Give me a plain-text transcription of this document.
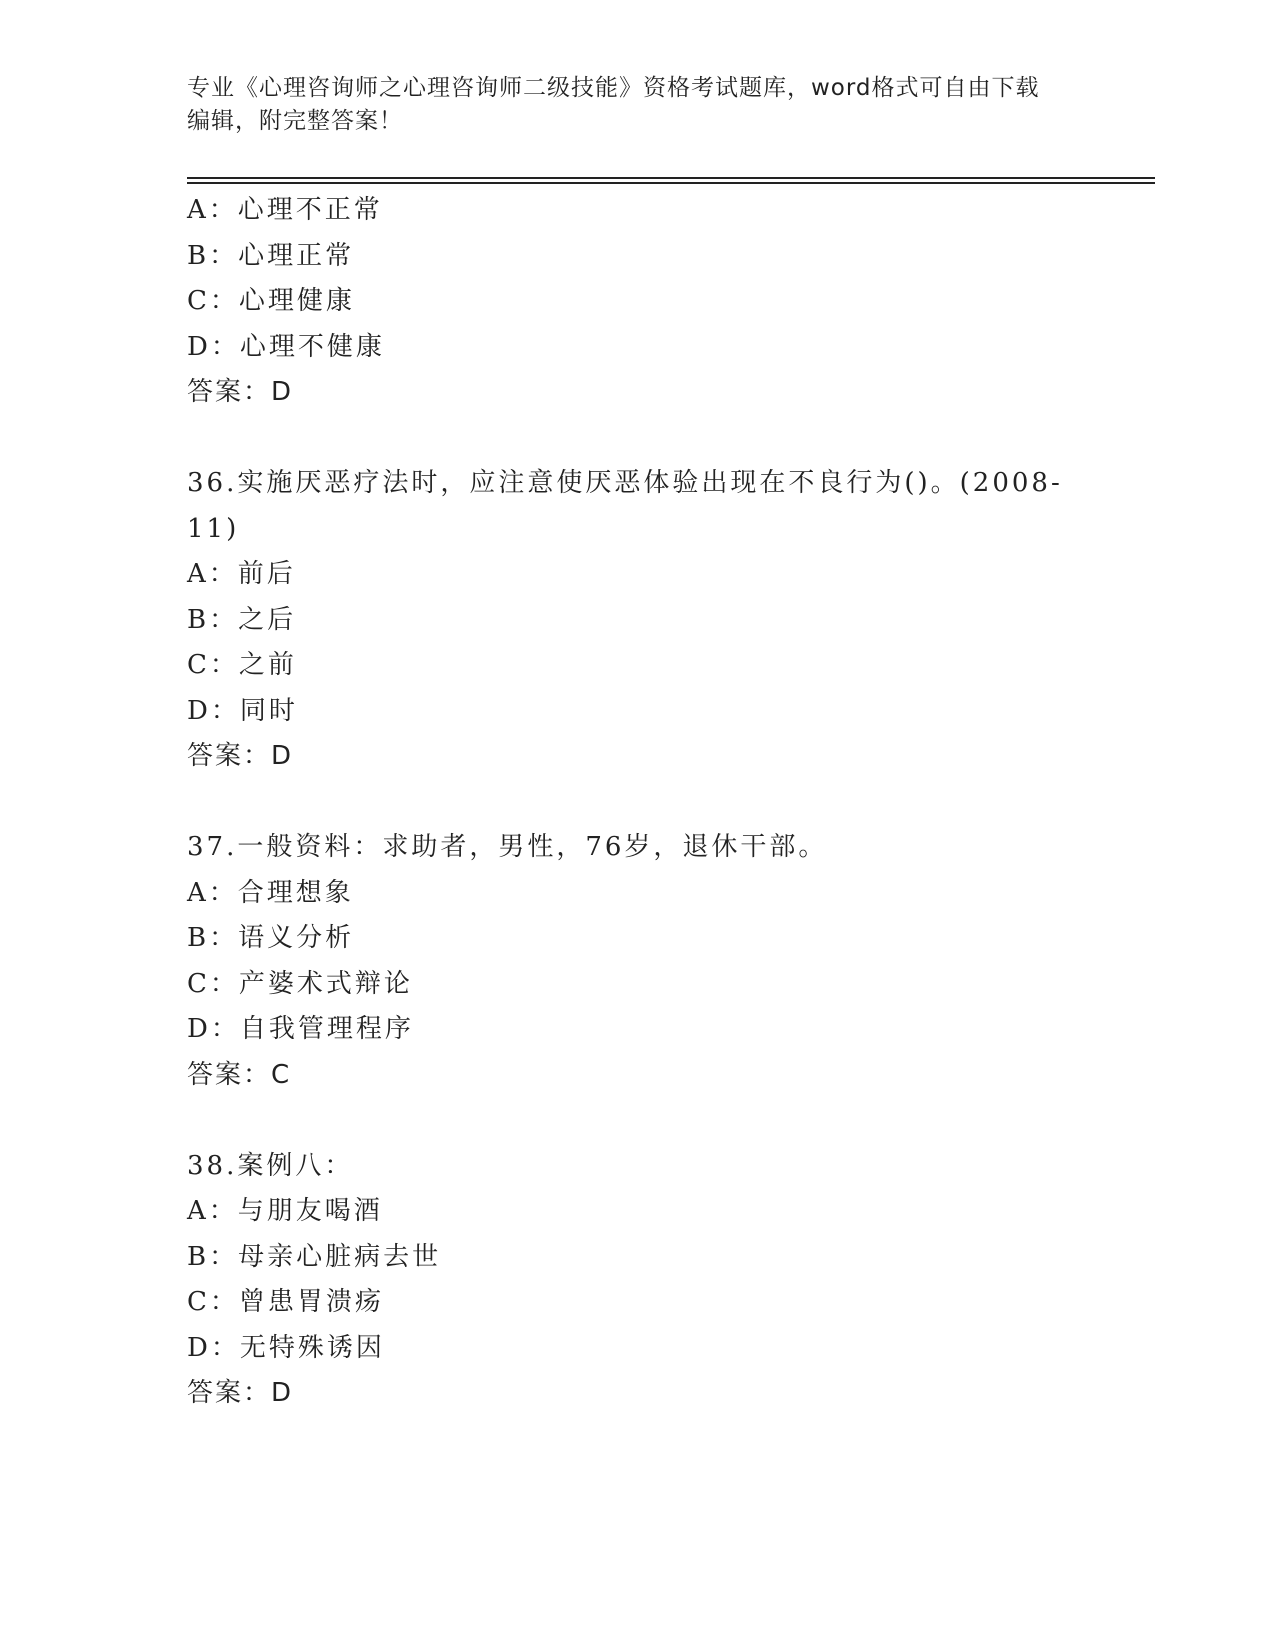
专业《心理咨询师之心理咨询师二级技能》资格考试题库，word格式可自由下载
编辑，附完整答案！
A：心理不正常
B：心理正常
C：心理健康
D：心理不健康
答案：D
36.实施厌恶疗法时，应注意使厌恶体验出现在不良行为()。(2008-
11)
A：前后
B：之后
C：之前
D：同时
答案：D
37.一般资料：求助者，男性，76岁，退休干部。
A：合理想象
B：语义分析
C：产婆术式辩论
D：自我管理程序
答案：C
38.案例八：
A：与朋友喝酒
B：母亲心脏病去世
C：曾患胃溃疡
D：无特殊诱因
答案：D
